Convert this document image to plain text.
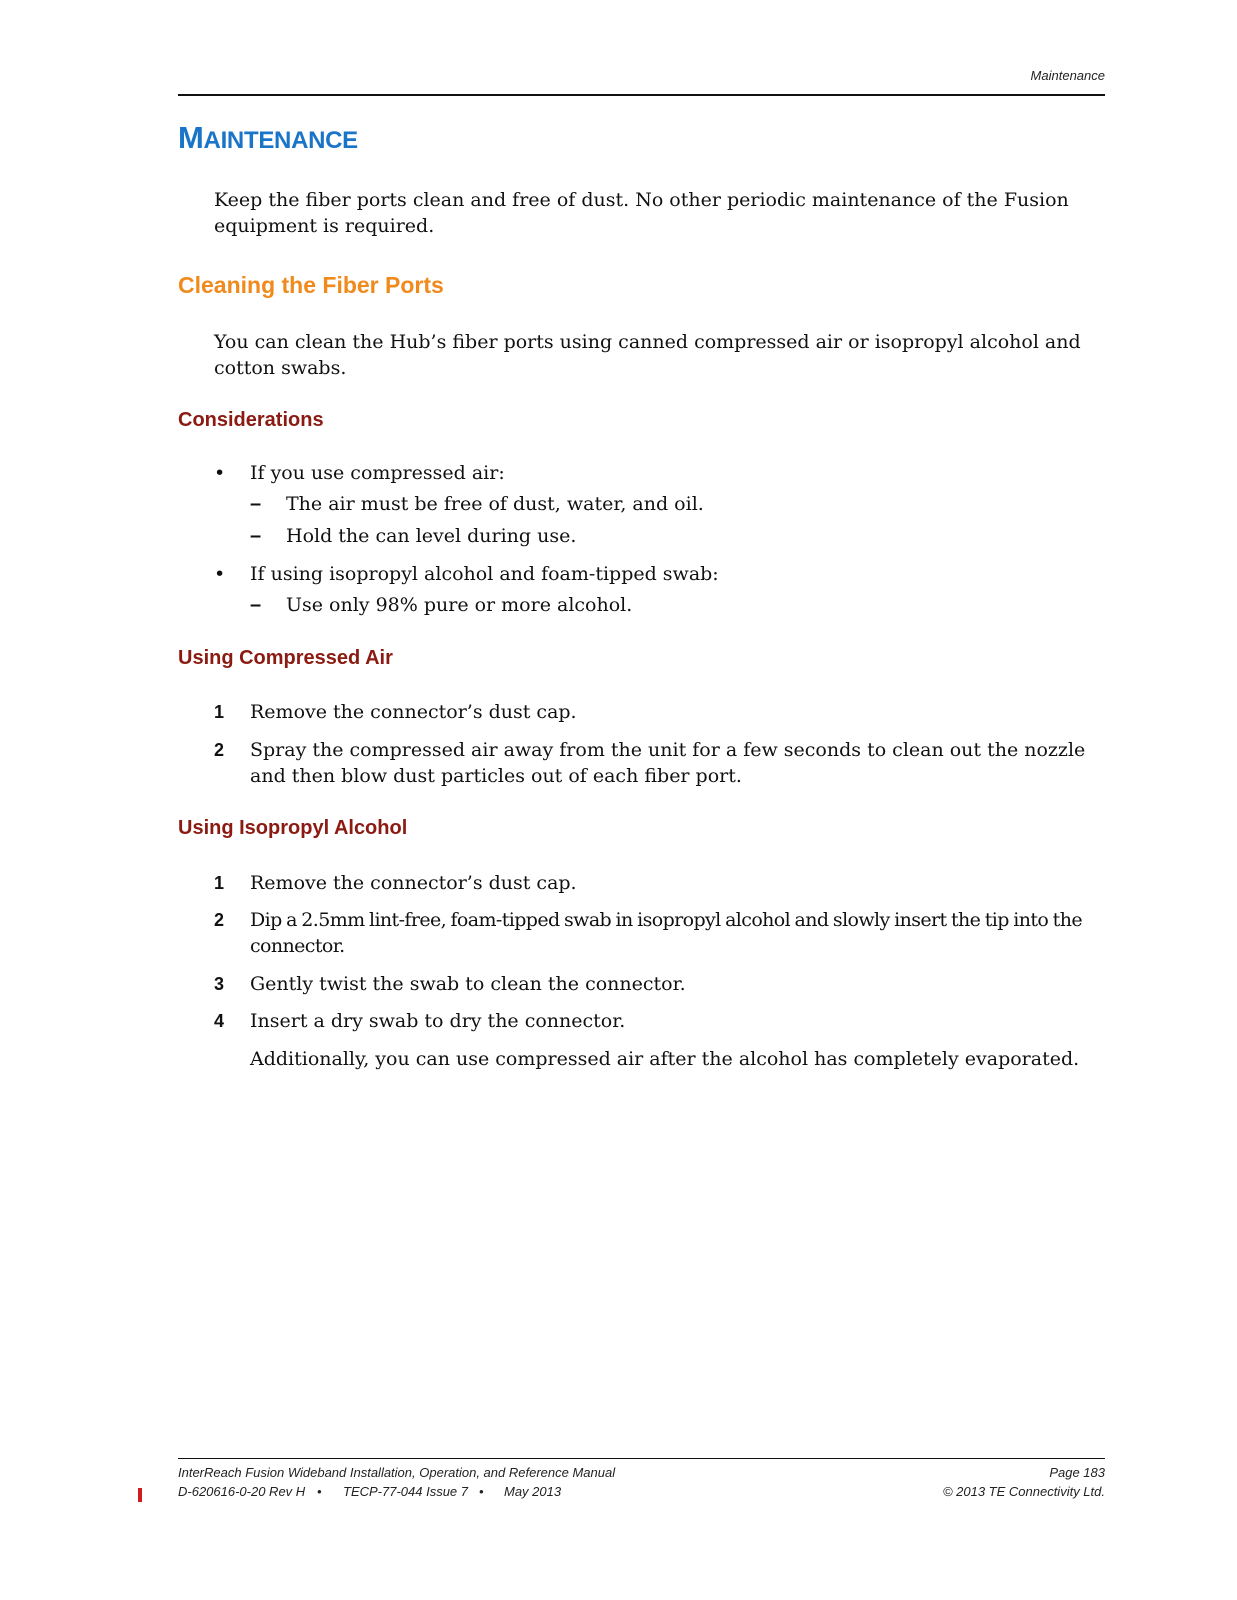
Maintenance
MAINTENANCE

Keep the fiber ports clean and free of dust. No other periodic maintenance of the Fusion equipment is required.

Cleaning the Fiber Ports

You can clean the Hub’s fiber ports using canned compressed air or isopropyl alcohol and cotton swabs.

Considerations
• If you use compressed air:

– The air must be free of dust, water, and oil.

– Hold the can level during use.

• If using isopropyl alcohol and foam-tipped swab:

– Use only 98% pure or more alcohol.

Using Compressed Air
1 Remove the connector’s dust cap.

2 Spray the compressed air away from the unit for a few seconds to clean out the nozzle and then blow dust particles out of each fiber port.

Using Isopropyl Alcohol
1 Remove the connector’s dust cap.

2 Dip a 2.5mm lint-free, foam-tipped swab in isopropyl alcohol and slowly insert the tip into the connector.

3 Gently twist the swab to clean the connector.

4 Insert a dry swab to dry the connector.

Additionally, you can use compressed air after the alcohol has completely evaporated.

InterReach Fusion Wideband Installation, Operation, and Reference Manual	Page 183
D-620616-0-20 Rev H • TECP-77-044 Issue 7 • May 2013	© 2013 TE Connectivity Ltd.
